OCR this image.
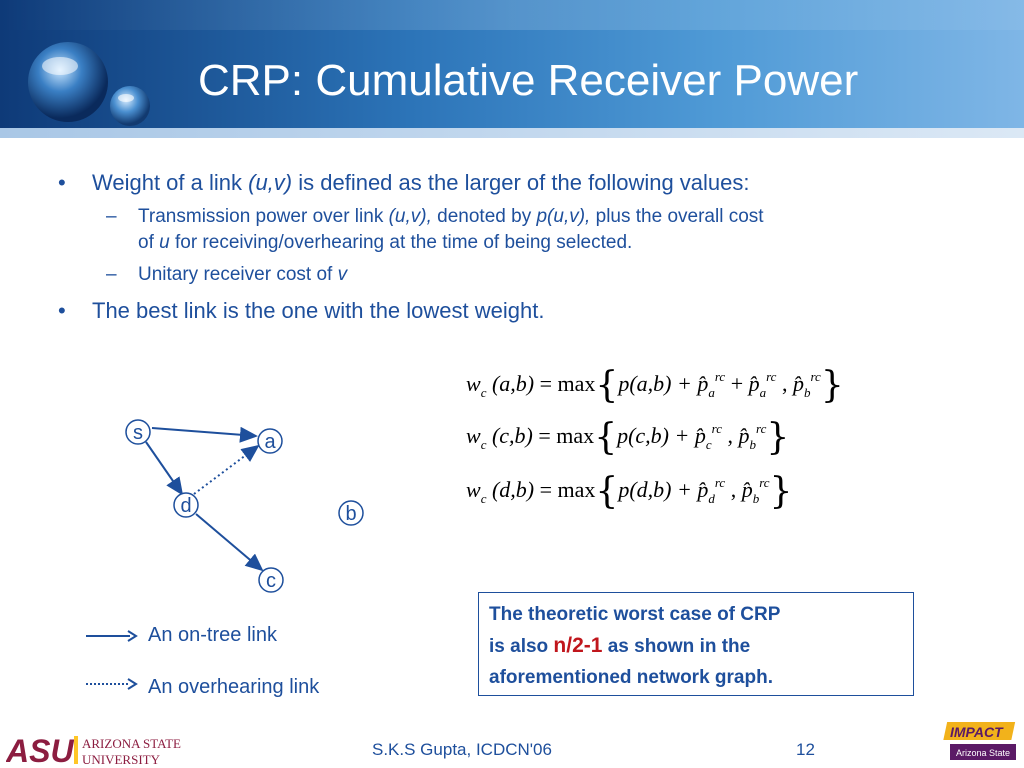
CRP: Cumulative Receiver Power
• Weight of a link (u,v) is defined as the larger of the following values:
– Transmission power over link (u,v), denoted by p(u,v), plus the overall cost
of u for receiving/overhearing at the time of being selected.
– Unitary receiver cost of v
• The best link is the one with the lowest weight.
s	a
d	b
c
An on-tree link
An overhearing link
$w_c$ $(a,b) = \max\{p(a,b) + p̂_a^{rc}$ + $p̂_a^{rc}$ , $p̂_b^{rc}$}
$w_c$ $(c,b) = \max\{p(c,b) + p̂_c^{rc}$ , $p̂_b^{rc}$}
$w_c$ $(d,b) = \max\{p(d,b) + p̂_d^{rc}$ , $p̂_b^{rc}$}
The theoretic worst case of CRP
is also n/2-1 as shown in the
aforementioned network graph.
ASU ARIZONA STATE
UNIVERSITY
S.K.S Gupta, ICDCN'06	12
IMPACT
Arizona State
